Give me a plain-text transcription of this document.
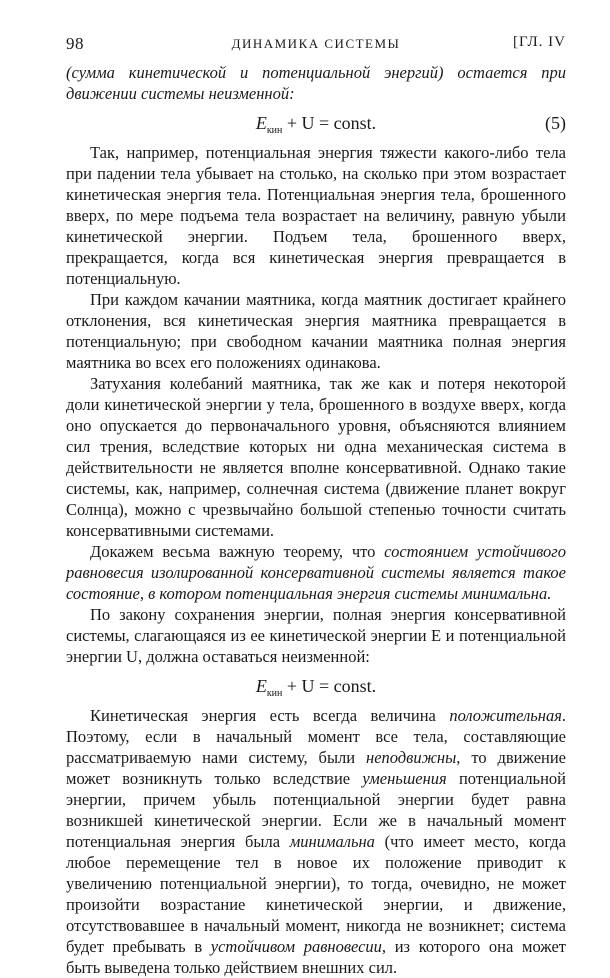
98	ДИНАМИКА СИСТЕМЫ	[ГЛ. IV

(сумма кинетической и потенциальной энергий) остается при движении системы неизменной:

$E_{кин} + U$ = const.	(5)

Так, например, потенциальная энергия тяжести какого-либо тела при падении тела убывает на столько, на сколько при этом возрастает кинетическая энергия тела. Потенциальная энергия тела, брошенного вверх, по мере подъема тела возрастает на величину, равную убыли кинетической энергии. Подъем тела, брошенного вверх, прекращается, когда вся кинетическая энергия превращается в потенциальную.

При каждом качании маятника, когда маятник достигает крайнего отклонения, вся кинетическая энергия маятника превращается в потенциальную; при свободном качании маятника полная энергия маятника во всех его положениях одинакова.

Затухания колебаний маятника, так же как и потеря некоторой доли кинетической энергии у тела, брошенного в воздухе вверх, когда оно опускается до первоначального уровня, объясняются влиянием сил трения, вследствие которых ни одна механическая система в действительности не является вполне консервативной. Однако такие системы, как, например, солнечная система (движение планет вокруг Солнца), можно с чрезвычайно большой степенью точности считать консервативными системами.

Докажем весьма важную теорему, что состоянием устойчивого равновесия изолированной консервативной системы является такое состояние, в котором потенциальная энергия системы минимальна.

По закону сохранения энергии, полная энергия консервативной системы, слагающаяся из ее кинетической энергии E и потенциальной энергии U, должна оставаться неизменной:

$E_{кин} + U$ = const.

Кинетическая энергия есть всегда величина положительная. Поэтому, если в начальный момент все тела, составляющие рассматриваемую нами систему, были неподвижны, то движение может возникнуть только вследствие уменьшения потенциальной энергии, причем убыль потенциальной энергии будет равна возникшей кинетической энергии. Если же в начальный момент потенциальная энергия была минимальна (что имеет место, когда любое перемещение тел в новое их положение приводит к увеличению потенциальной энергии), то тогда, очевидно, не может произойти возрастание кинетической энергии, и движение, отсутствовавшее в начальный момент, никогда не возникнет; система будет пребывать в устойчивом равновесии, из которого она может быть выведена только действием внешних сил.
